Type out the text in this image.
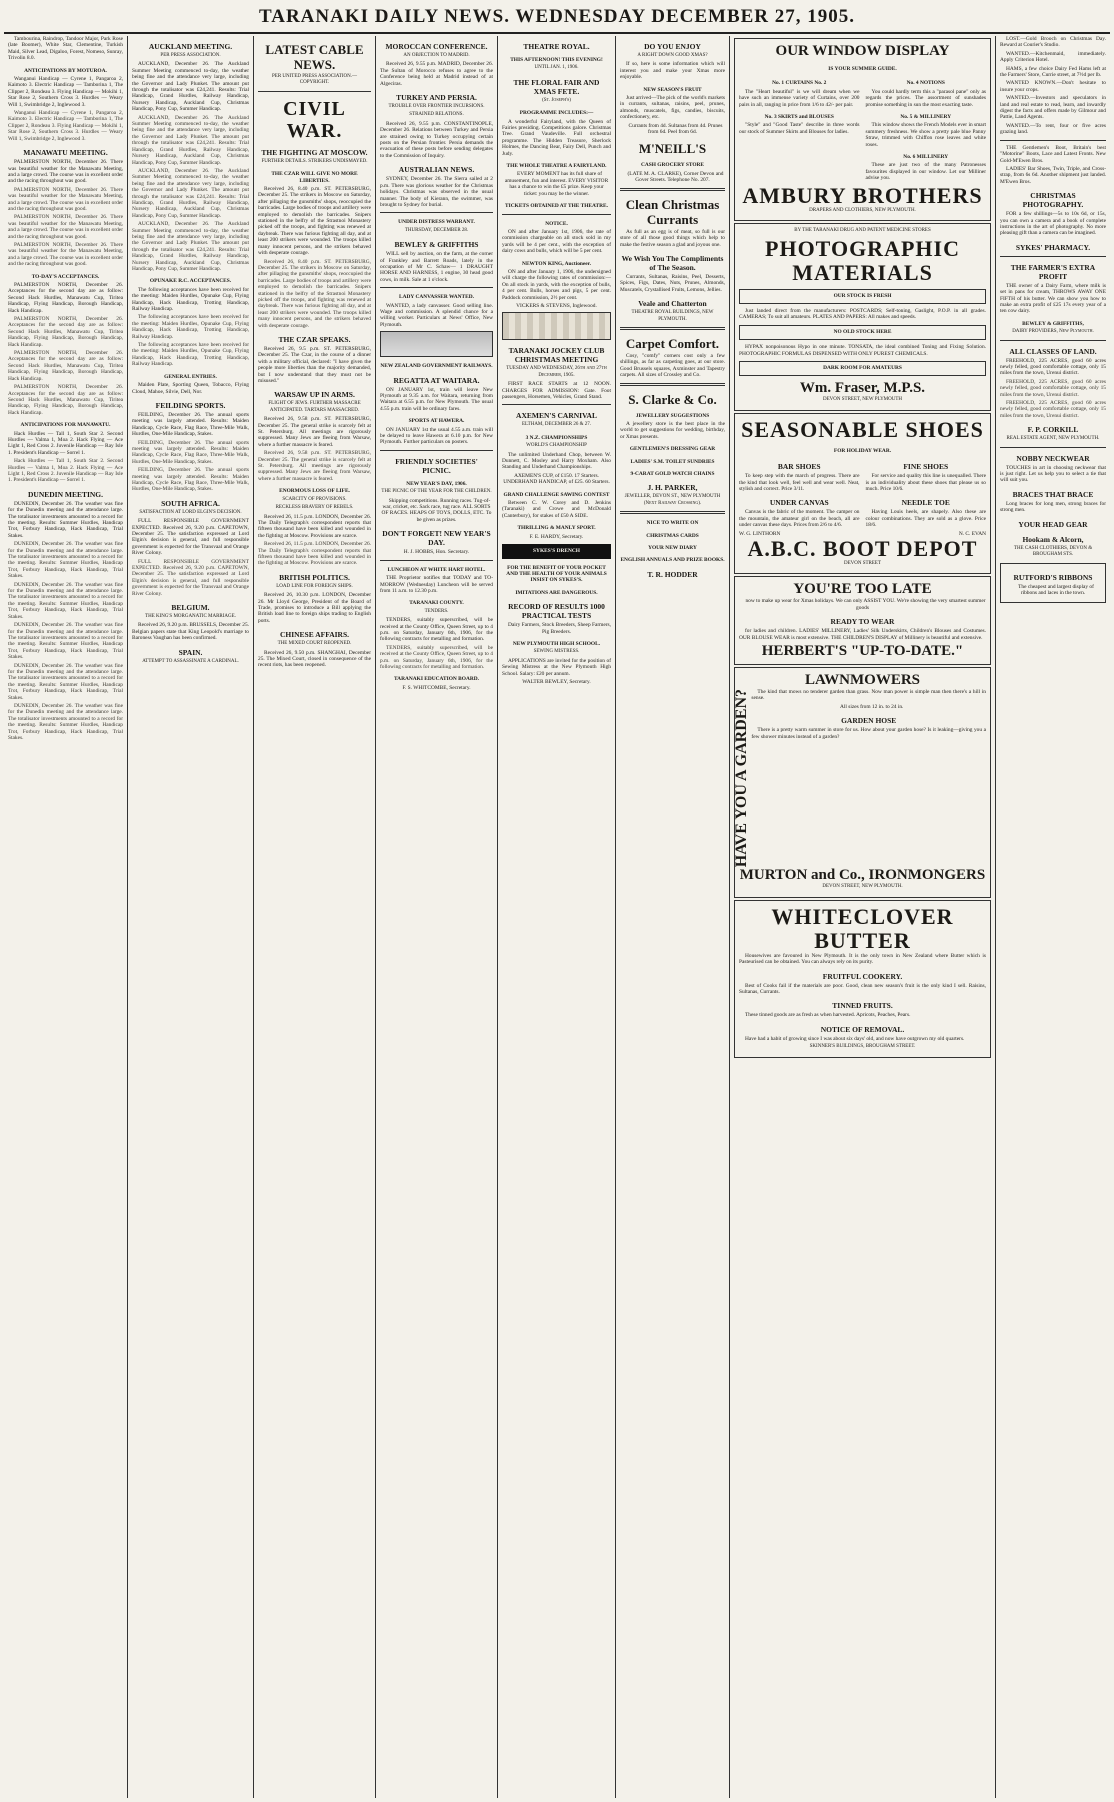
TARANAKI DAILY NEWS. WEDNESDAY DECEMBER 27, 1905.

Tambourina, Raindrop, Tandoor Major, Park Rose (late Boomer), White Star, Clementine, Turkish Maid, Silver Lead, Digaloo, Forest, Nomeso, Sunray, Trivolin 8.0.

ANTICIPATIONS BY MOTUROA.

Wanganui Handicap — Cyrene 1, Pangaroa 2, Kaimoto 3. Electric Handicap — Tamborina 1, The Clipper 2, Rondeau 3. Flying Handicap — Mokihi 1, Star Rose 2, Southern Cross 3. Hurdles — Weary Will 1, Swimbridge 2, Inglewood 3.

Wanganui Handicap — Cyrene 1, Pangaroa 2, Kaimoto 3. Electric Handicap — Tamborina 1, The Clipper 2, Rondeau 3. Flying Handicap — Mokihi 1, Star Rose 2, Southern Cross 3. Hurdles — Weary Will 1, Swimbridge 2, Inglewood 3.

MANAWATU MEETING.

PALMERSTON NORTH, December 26. There was beautiful weather for the Manawatu Meeting, and a large crowd. The course was in excellent order and the racing throughout was good.

PALMERSTON NORTH, December 26. There was beautiful weather for the Manawatu Meeting, and a large crowd. The course was in excellent order and the racing throughout was good.

PALMERSTON NORTH, December 26. There was beautiful weather for the Manawatu Meeting, and a large crowd. The course was in excellent order and the racing throughout was good.

PALMERSTON NORTH, December 26. There was beautiful weather for the Manawatu Meeting, and a large crowd. The course was in excellent order and the racing throughout was good.

TO-DAY'S ACCEPTANCES.

PALMERSTON NORTH, December 26. Acceptances for the second day are as follow: Second Hack Hurdles, Manawatu Cup, Tiritea Handicap, Flying Handicap, Borough Handicap, Hack Handicap.

PALMERSTON NORTH, December 26. Acceptances for the second day are as follow: Second Hack Hurdles, Manawatu Cup, Tiritea Handicap, Flying Handicap, Borough Handicap, Hack Handicap.

PALMERSTON NORTH, December 26. Acceptances for the second day are as follow: Second Hack Hurdles, Manawatu Cup, Tiritea Handicap, Flying Handicap, Borough Handicap, Hack Handicap.

PALMERSTON NORTH, December 26. Acceptances for the second day are as follow: Second Hack Hurdles, Manawatu Cup, Tiritea Handicap, Flying Handicap, Borough Handicap, Hack Handicap.

ANTICIPATIONS FOR MANAWATU.

Hack Hurdles — Tall 1, South Star 2. Second Hurdles — Valma 1, Moa 2. Hack Flying — Ace Light 1, Red Cross 2. Juvenile Handicap — Ray Isle 1. President's Handicap — Sorrel 1.

Hack Hurdles — Tall 1, South Star 2. Second Hurdles — Valma 1, Moa 2. Hack Flying — Ace Light 1, Red Cross 2. Juvenile Handicap — Ray Isle 1. President's Handicap — Sorrel 1.

DUNEDIN MEETING.

DUNEDIN, December 26. The weather was fine for the Dunedin meeting and the attendance large. The totalisator investments amounted to a record for the meeting. Results: Summer Hurdles, Handicap Trot, Forbury Handicap, Hack Handicap, Trial Stakes.

DUNEDIN, December 26. The weather was fine for the Dunedin meeting and the attendance large. The totalisator investments amounted to a record for the meeting. Results: Summer Hurdles, Handicap Trot, Forbury Handicap, Hack Handicap, Trial Stakes.

DUNEDIN, December 26. The weather was fine for the Dunedin meeting and the attendance large. The totalisator investments amounted to a record for the meeting. Results: Summer Hurdles, Handicap Trot, Forbury Handicap, Hack Handicap, Trial Stakes.

DUNEDIN, December 26. The weather was fine for the Dunedin meeting and the attendance large. The totalisator investments amounted to a record for the meeting. Results: Summer Hurdles, Handicap Trot, Forbury Handicap, Hack Handicap, Trial Stakes.

DUNEDIN, December 26. The weather was fine for the Dunedin meeting and the attendance large. The totalisator investments amounted to a record for the meeting. Results: Summer Hurdles, Handicap Trot, Forbury Handicap, Hack Handicap, Trial Stakes.

DUNEDIN, December 26. The weather was fine for the Dunedin meeting and the attendance large. The totalisator investments amounted to a record for the meeting. Results: Summer Hurdles, Handicap Trot, Forbury Handicap, Hack Handicap, Trial Stakes.

AUCKLAND MEETING.
PER PRESS ASSOCIATION.

AUCKLAND, December 26. The Auckland Summer Meeting commenced to-day, the weather being fine and the attendance very large, including the Governor and Lady Plunket. The amount put through the totalisator was £24,241. Results: Trial Handicap, Grand Hurdles, Railway Handicap, Nursery Handicap, Auckland Cup, Christmas Handicap, Pony Cup, Summer Handicap.

AUCKLAND, December 26. The Auckland Summer Meeting commenced to-day, the weather being fine and the attendance very large, including the Governor and Lady Plunket. The amount put through the totalisator was £24,241. Results: Trial Handicap, Grand Hurdles, Railway Handicap, Nursery Handicap, Auckland Cup, Christmas Handicap, Pony Cup, Summer Handicap.

AUCKLAND, December 26. The Auckland Summer Meeting commenced to-day, the weather being fine and the attendance very large, including the Governor and Lady Plunket. The amount put through the totalisator was £24,241. Results: Trial Handicap, Grand Hurdles, Railway Handicap, Nursery Handicap, Auckland Cup, Christmas Handicap, Pony Cup, Summer Handicap.

AUCKLAND, December 26. The Auckland Summer Meeting commenced to-day, the weather being fine and the attendance very large, including the Governor and Lady Plunket. The amount put through the totalisator was £24,241. Results: Trial Handicap, Grand Hurdles, Railway Handicap, Nursery Handicap, Auckland Cup, Christmas Handicap, Pony Cup, Summer Handicap.

OPUNAKE R.C. ACCEPTANCES.

The following acceptances have been received for the meeting: Maiden Hurdles, Opunake Cup, Flying Handicap, Hack Handicap, Trotting Handicap, Railway Handicap.

The following acceptances have been received for the meeting: Maiden Hurdles, Opunake Cup, Flying Handicap, Hack Handicap, Trotting Handicap, Railway Handicap.

The following acceptances have been received for the meeting: Maiden Hurdles, Opunake Cup, Flying Handicap, Hack Handicap, Trotting Handicap, Railway Handicap.

GENERAL ENTRIES.

Maiden Plate, Sporting Queen, Tobacco, Flying Cloud, Mahoe, Silvie, Dell, Nor.

FEILDING SPORTS.

FEILDING, December 26. The annual sports meeting was largely attended. Results: Maiden Handicap, Cycle Race, Flag Race, Three-Mile Walk, Hurdles, One-Mile Handicap, Stakes.

FEILDING, December 26. The annual sports meeting was largely attended. Results: Maiden Handicap, Cycle Race, Flag Race, Three-Mile Walk, Hurdles, One-Mile Handicap, Stakes.

FEILDING, December 26. The annual sports meeting was largely attended. Results: Maiden Handicap, Cycle Race, Flag Race, Three-Mile Walk, Hurdles, One-Mile Handicap, Stakes.

SOUTH AFRICA.
SATISFACTION AT LORD ELGIN'S DECISION.

FULL RESPONSIBLE GOVERNMENT EXPECTED. Received 26, 9.20 p.m. CAPETOWN, December 25. The satisfaction expressed at Lord Elgin's decision is general, and full responsible government is expected for the Transvaal and Orange River Colony.

FULL RESPONSIBLE GOVERNMENT EXPECTED. Received 26, 9.20 p.m. CAPETOWN, December 25. The satisfaction expressed at Lord Elgin's decision is general, and full responsible government is expected for the Transvaal and Orange River Colony.

BELGIUM.
THE KING'S MORGANATIC MARRIAGE.

Received 26, 9.20 p.m. BRUSSELS, December 25. Belgian papers state that King Leopold's marriage to Baroness Vaughan has been confirmed.

SPAIN.
ATTEMPT TO ASSASSINATE A CARDINAL.
LATEST CABLE NEWS.
PER UNITED PRESS ASSOCIATION.—COPYRIGHT.
CIVIL WAR.
THE FIGHTING AT MOSCOW.
FURTHER DETAILS. STRIKERS UNDISMAYED.
THE CZAR WILL GIVE NO MORE LIBERTIES.

Received 26, 8.40 p.m. ST. PETERSBURG, December 25. The strikers in Moscow on Saturday, after pillaging the gunsmiths' shops, reoccupied the barricades. Large bodies of troops and artillery were employed to demolish the barricades. Snipers stationed in the belfry of the Strastnoi Monastery picked off the troops, and fighting was renewed at daybreak. There was furious fighting all day, and at least 200 strikers were wounded. The troops killed many innocent persons, and the strikers behaved with desperate courage.

Received 26, 8.40 p.m. ST. PETERSBURG, December 25. The strikers in Moscow on Saturday, after pillaging the gunsmiths' shops, reoccupied the barricades. Large bodies of troops and artillery were employed to demolish the barricades. Snipers stationed in the belfry of the Strastnoi Monastery picked off the troops, and fighting was renewed at daybreak. There was furious fighting all day, and at least 200 strikers were wounded. The troops killed many innocent persons, and the strikers behaved with desperate courage.

THE CZAR SPEAKS.

Received 26, 9.5 p.m. ST. PETERSBURG, December 25. The Czar, in the course of a dinner with a military official, declared: "I have given the people more liberties than the majority demanded, but I now understand that they must not be misused."

WARSAW UP IN ARMS.
FLIGHT OF JEWS. FURTHER MASSACRE ANTICIPATED. TARTARS MASSACRED.

Received 26, 9.58 p.m. ST. PETERSBURG, December 25. The general strike is scarcely felt at St. Petersburg. All meetings are rigorously suppressed. Many Jews are fleeing from Warsaw, where a further massacre is feared.

Received 26, 9.58 p.m. ST. PETERSBURG, December 25. The general strike is scarcely felt at St. Petersburg. All meetings are rigorously suppressed. Many Jews are fleeing from Warsaw, where a further massacre is feared.

ENORMOUS LOSS OF LIFE.
SCARCITY OF PROVISIONS.
RECKLESS BRAVERY OF REBELS.

Received 26, 11.5 p.m. LONDON, December 26. The Daily Telegraph's correspondent reports that fifteen thousand have been killed and wounded in the fighting at Moscow. Provisions are scarce.

Received 26, 11.5 p.m. LONDON, December 26. The Daily Telegraph's correspondent reports that fifteen thousand have been killed and wounded in the fighting at Moscow. Provisions are scarce.

BRITISH POLITICS.
LOAD LINE FOR FOREIGN SHIPS.

Received 26, 10.30 p.m. LONDON, December 26. Mr Lloyd George, President of the Board of Trade, promises to introduce a Bill applying the British load line to foreign ships trading to English ports.

CHINESE AFFAIRS.
THE MIXED COURT REOPENED.

Received 26, 9.50 p.m. SHANGHAI, December 25. The Mixed Court, closed in consequence of the recent riots, has been reopened.

MOROCCAN CONFERENCE.
AN OBJECTION TO MADRID.

Received 26, 9.55 p.m. MADRID, December 26. The Sultan of Morocco refuses to agree to the Conference being held at Madrid instead of at Algeciras.

TURKEY AND PERSIA.
TROUBLE OVER FRONTIER INCURSIONS.
STRAINED RELATIONS.

Received 26, 9.55 p.m. CONSTANTINOPLE, December 26. Relations between Turkey and Persia are strained owing to Turkey occupying certain posts on the Persian frontier. Persia demands the evacuation of these posts before sending delegates to the Commission of Inquiry.

AUSTRALIAN NEWS.

SYDNEY, December 26. The Sierra sailed at 2 p.m. There was glorious weather for the Christmas holidays. Christmas was observed in the usual manner. The body of Kierann, the swimmer, was brought to Sydney for burial.

UNDER DISTRESS WARRANT.
THURSDAY, DECEMBER 28.
BEWLEY & GRIFFITHS

WILL sell by auction, on the farm, at the corner of Frankley and Barrett Roads, lately in the occupation of Mr C. Schaw— 1 DRAUGHT HORSE AND HARNESS, 1 engine, 30 head good cows, in milk. Sale at 1 o'clock.

LADY CANVASSER WANTED.

WANTED, a lady canvasser. Good selling line. Wage and commission. A splendid chance for a willing worker. Particulars at News' Office, New Plymouth.

NEW ZEALAND GOVERNMENT RAILWAYS.
REGATTA AT WAITARA.

ON JANUARY 1st, train will leave New Plymouth at 9.35 a.m. for Waitara, returning from Waitara at 6.55 p.m. for New Plymouth. The usual 4.55 p.m. train will be ordinary fares.

SPORTS AT HAWERA.

ON JANUARY 1st the usual 4.55 a.m. train will be delayed to leave Hawera at 6.10 p.m. for New Plymouth. Further particulars on posters.

FRIENDLY SOCIETIES' PICNIC.
NEW YEAR'S DAY, 1906.
THE PICNIC OF THE YEAR FOR THE CHILDREN.

Skipping competitions. Running races. Tug-of-war, cricket, etc. Sack race, tug race. ALL SORTS OF RACES. HEAPS OF TOYS, DOLLS, ETC. To be given as prizes.

DON'T FORGET! NEW YEAR'S DAY.
H. J. HOBBS, Hon. Secretary.
LUNCHEON AT WHITE HART HOTEL.

THE Proprietor notifies that TODAY and TO-MORROW (Wednesday) Luncheon will be served from 11 a.m. to 12.30 p.m.

TARANAKI COUNTY.
TENDERS.

TENDERS, suitably superscribed, will be received at the County Office, Queen Street, up to 4 p.m. on Saturday, January 6th, 1906, for the following contracts for metalling and formation.

TENDERS, suitably superscribed, will be received at the County Office, Queen Street, up to 4 p.m. on Saturday, January 6th, 1906, for the following contracts for metalling and formation.

TARANAKI EDUCATION BOARD.
F. S. WHITCOMBE, Secretary.
THEATRE ROYAL.
THIS AFTERNOON! THIS EVENING!
UNTIL JAN. 1, 1906.
THE FLORAL FAIR AND XMAS FETE.
(St. Joseph's)
PROGRAMME INCLUDES:—

A wonderful Fairyland, with the Queen of Fairies presiding. Competitions galore. Christmas Tree. Grand Vaudeville. Full orchestral programme. The Hidden Treasure, Sherlock Holmes, the Dancing Bear, Fairy Dell, Punch and Judy.

THE WHOLE THEATRE A FAIRYLAND.

EVERY MOMENT has its full share of amusement, fun and interest. EVERY VISITOR has a chance to win the £5 prize. Keep your ticket: you may be the winner.

TICKETS OBTAINED AT THE THEATRE.
NOTICE.

ON and after January 1st, 1906, the rate of commission chargeable on all stock sold in my yards will be 4 per cent., with the exception of dairy cows and bulls, which will be 5 per cent.

NEWTON KING, Auctioneer.

ON and after January 1, 1906, the undersigned will charge the following rates of commission:— On all stock in yards, with the exception of bulls, 4 per cent. Bulls, horses and pigs, 5 per cent. Paddock commission, 2½ per cent.

VICKERS & STEVENS, Inglewood.
TARANAKI JOCKEY CLUB CHRISTMAS MEETING
TUESDAY AND WEDNESDAY, 26th and 27th December, 1905.

FIRST RACE STARTS at 12 NOON. CHARGES FOR ADMISSION: Gate. Foot passengers, Horsemen, Vehicles, Grand Stand.

AXEMEN'S CARNIVAL
ELTHAM, DECEMBER 26 & 27.
3 N.Z. CHAMPIONSHIPS
WORLD'S CHAMPIONSHIP

The unlimited Underhand Chop, between W. Dunnett, C. Mosley and Harry Moxham. Also Standing and Underhand Championships.

AXEMEN'S CUP, of £150. 17 Starters.
UNDERHAND HANDICAP, of £25. 60 Starters.
GRAND CHALLENGE SAWING CONTEST

Between C. W. Corey and D. Jenkins (Taranaki) and Crowe and McDonald (Canterbury), for stakes of £50 A SIDE.

THRILLING & MANLY SPORT.
F. E. HARDY, Secretary.
SYKES'S DRENCH
FOR THE BENEFIT OF YOUR POCKET AND THE HEALTH OF YOUR ANIMALS INSIST ON SYKES'S.
IMITATIONS ARE DANGEROUS.
RECORD OF RESULTS 1000 PRACTICAL TESTS

Dairy Farmers, Stock Breeders, Sheep Farmers, Pig Breeders.

NEW PLYMOUTH HIGH SCHOOL.
SEWING MISTRESS.

APPLICATIONS are invited for the position of Sewing Mistress at the New Plymouth High School. Salary: £20 per annum.

WALTER BEWLEY, Secretary.
DO YOU ENJOY
A RIGHT DOWN GOOD XMAS?

If so, here is some information which will interest you and make your Xmas more enjoyable.

NEW SEASON'S FRUIT

Just arrived—The pick of the world's markets in currants, sultanas, raisins, peel, prunes, almonds, muscatels, figs, candies, biscuits, confectionery, etc.

Currants from 4d. Sultanas from 4d. Prunes from 6d. Peel from 6d.

M'NEILL'S
CASH GROCERY STORE

(LATE M. A. CLARKE), Corner Devon and Gover Streets. Telephone No. 207.

Clean Christmas Currants

As full as an egg is of meat, so full is our store of all those good things which help to make the festive season a glad and joyous one.

We Wish You The Compliments of The Season.

Currants, Sultanas, Raisins, Peel, Desserts, Spices, Figs, Dates, Nuts, Prunes, Almonds, Muscatels, Crystallised Fruits, Lemons, Jellies.

Veale and Chatterton
THEATRE ROYAL BUILDINGS, NEW PLYMOUTH.
Carpet Comfort.

Cosy, "comfy" corners cost only a few shillings, as far as carpeting goes, at our store. Good Brussels squares, Axminster and Tapestry carpets. All sizes of Crossley and Co.

S. Clarke & Co.
JEWELLERY SUGGESTIONS

A jewellery store is the best place in the world to get suggestions for wedding, birthday, or Xmas presents.

GENTLEMEN'S DRESSING GEAR
LADIES' S.M. TOILET SUNDRIES
9-CARAT GOLD WATCH CHAINS
J. H. PARKER,
JEWELLER, DEVON ST., NEW PLYMOUTH (Next Railway Crossing).
NICE TO WRITE ON
CHRISTMAS CARDS
YOUR NEW DIARY
ENGLISH ANNUALS AND PRIZE BOOKS.
T. R. HODDER
OUR WINDOW DISPLAY
IS YOUR SUMMER GUIDE.
No. 1 CURTAINS No. 2

The "Heart beautiful" is we will dream when we have such an immense variety of Curtains, over 200 pairs in all, ranging in price from 1/6 to 42/- per pair.

No. 3 SKIRTS and BLOUSES

"Style" and "Good Taste" describe in three words our stock of Summer Skirts and Blouses for ladies.

No. 4 NOTIONS

You could hardly term this a "parasol pane" only as regards the prices. The assortment of sunshades promise something in sun the most exacting taste.

No. 5 & MILLINERY

This window shows the French Models ever in smart summery freshness. We show a pretty pale blue Panny Straw, trimmed with Chiffon rose leaves and white roses.

No. 6 MILLINERY

These are just two of the many Patronesses favourites displayed in our window. Let our Milliner advise you.

AMBURY BROTHERS
DRAPERS AND CLOTHIERS, NEW PLYMOUTH.
BY THE TARANAKI DRUG AND PATENT MEDICINE STORES
PHOTOGRAPHIC MATERIALS
OUR STOCK IS FRESH

Just landed direct from the manufacturers: POSTCARDS; Self-toning, Gaslight, P.O.P. in all grades. CAMERAS; To suit all amateurs. PLATES AND PAPERS: All makes and speeds.

NO OLD STOCK HERE

HYPAX nonpoisonous Hypo in one minute. TONSATA, the ideal combined Toning and Fixing Solution. PHOTOGRAPHIC FORMULAS DISPENSED WITH ONLY PUREST CHEMICALS.

DARK ROOM FOR AMATEURS
Wm. Fraser, M.P.S.
DEVON STREET, NEW PLYMOUTH
SEASONABLE SHOES
FOR HOLIDAY WEAR.
BAR SHOES

To keep step with the march of progress. There are the kind that look well, feel well and wear well. Neat, stylish and correct. Price 3/11.

UNDER CANVAS

Canvas is the fabric of the moment. The camper on the mountain, the amateur girl on the beach, all are under canvas these days. Prices from 2/6 to 4/6.

FINE SHOES

For service and quality this line is unequalled. There is an individuality about these shoes that please us so much. Price 10/6.

NEEDLE TOE

Having Louis heels, are shapely. Also these are colour combinations. They are sold as a glove. Price 18/6.

W. G. LINTHORN	N. C. EVAN
A.B.C. BOOT DEPOT
DEVON STREET
YOU'RE TOO LATE

now to make up wear for Xmas holidays. We can only ASSIST YOU. We're showing the very smartest summer goods

READY TO WEAR

for ladies and children. LADIES' MILLINERY, Ladies' Silk Underskirts, Children's Blouses and Costumes. OUR BLOUSE WEAR is most extensive. THE CHILDREN'S DISPLAY of Millinery is beautiful and extensive.

HERBERT'S "UP-TO-DATE."
LAWNMOWERS
HAVE YOU A GARDEN?	The kind that mows no tenderer garden than grass. Now man power is simple man then there's a hill in sense.

All sizes from 12 in. to 24 in.

GARDEN HOSE

There is a pretty warm summer in store for us. How about your garden hose? Is it leaking—giving you a few shower minutes instead of a garden?

MURTON and Co., IRONMONGERS
DEVON STREET, NEW PLYMOUTH.
WHITECLOVER BUTTER

Housewives are favoured in New Plymouth. It is the only town in New Zealand where Butter which is Pasteurised can be obtained. You can always rely on its purity.

FRUITFUL COOKERY.

Best of Cooks fail if the materials are poor. Good, clean new season's fruit is the only kind I sell. Raisins, Sultanas, Currants.

TINNED FRUITS.

These tinned goods are as fresh as when harvested. Apricots, Peaches, Pears.

NOTICE OF REMOVAL.

Have had a habit of growing since I was about six days' old, and now have outgrown my old quarters.

SKINNER'S BUILDINGS, BROUGHAM STREET.

LOST.—Gold Brooch on Christmas Day. Reward at Courier's Studio.

WANTED.—Kitchenmaid, immediately. Apply Criterion Hotel.

HAMS, a few choice Dairy Fed Hams left at the Farmers' Store, Currie street, at 7½d per lb.

WANTED KNOWN.—Don't hesitate to insure your crops.

WANTED.—Investors and speculators in land and real estate to read, learn, and inwardly digest the facts and offers made by Gilmour and Pattie, Land Agents.

WANTED.—To rent, four or five acres grazing land.

THE Gentlemen's Boot, Britain's best "Motorine" Boots, Lace and Latest Fronts. New Gold-M'Ewen Bros.

LADIES' Bar Shoes, Twin, Triple, and Cross-strap, from 6s 6d. Another shipment just landed. M'Ewen Bros.

CHRISTMAS PHOTOGRAPHY.

FOR a few shillings—5s to 10s 6d, or 15s, you can own a camera and a book of complete instructions in the art of photography. No more pleasing gift than a camera can be imagined.

SYKES' PHARMACY.
THE FARMER'S EXTRA PROFIT

THE owner of a Dairy Farm, where milk is set in pans for cream, THROWS AWAY ONE FIFTH of his butter. We can show you how to make an extra profit of £25 17s every year of a ten cow dairy.

BEWLEY & GRIFFITHS,
DAIRY PROVIDERS, New Plymouth.
ALL CLASSES OF LAND.

FREEHOLD, 225 ACRES, good 60 acres newly felled, good comfortable cottage, only 15 miles from the town, Urenui district.

FREEHOLD, 225 ACRES, good 60 acres newly felled, good comfortable cottage, only 15 miles from the town, Urenui district.

FREEHOLD, 225 ACRES, good 60 acres newly felled, good comfortable cottage, only 15 miles from the town, Urenui district.

F. P. CORKILL
REAL ESTATE AGENT, NEW PLYMOUTH.
NOBBY NECKWEAR

TOUCHES in art in choosing neckwear that is just right. Let us help you to select a tie that will suit you.

BRACES THAT BRACE

Long braces for long men, strong braces for strong men.

YOUR HEAD GEAR
Hookam & Alcorn,
THE CASH CLOTHIERS, DEVON & BROUGHAM STS.
RUTFORD'S RIBBONS

The cheapest and largest display of ribbons and laces in the town.
